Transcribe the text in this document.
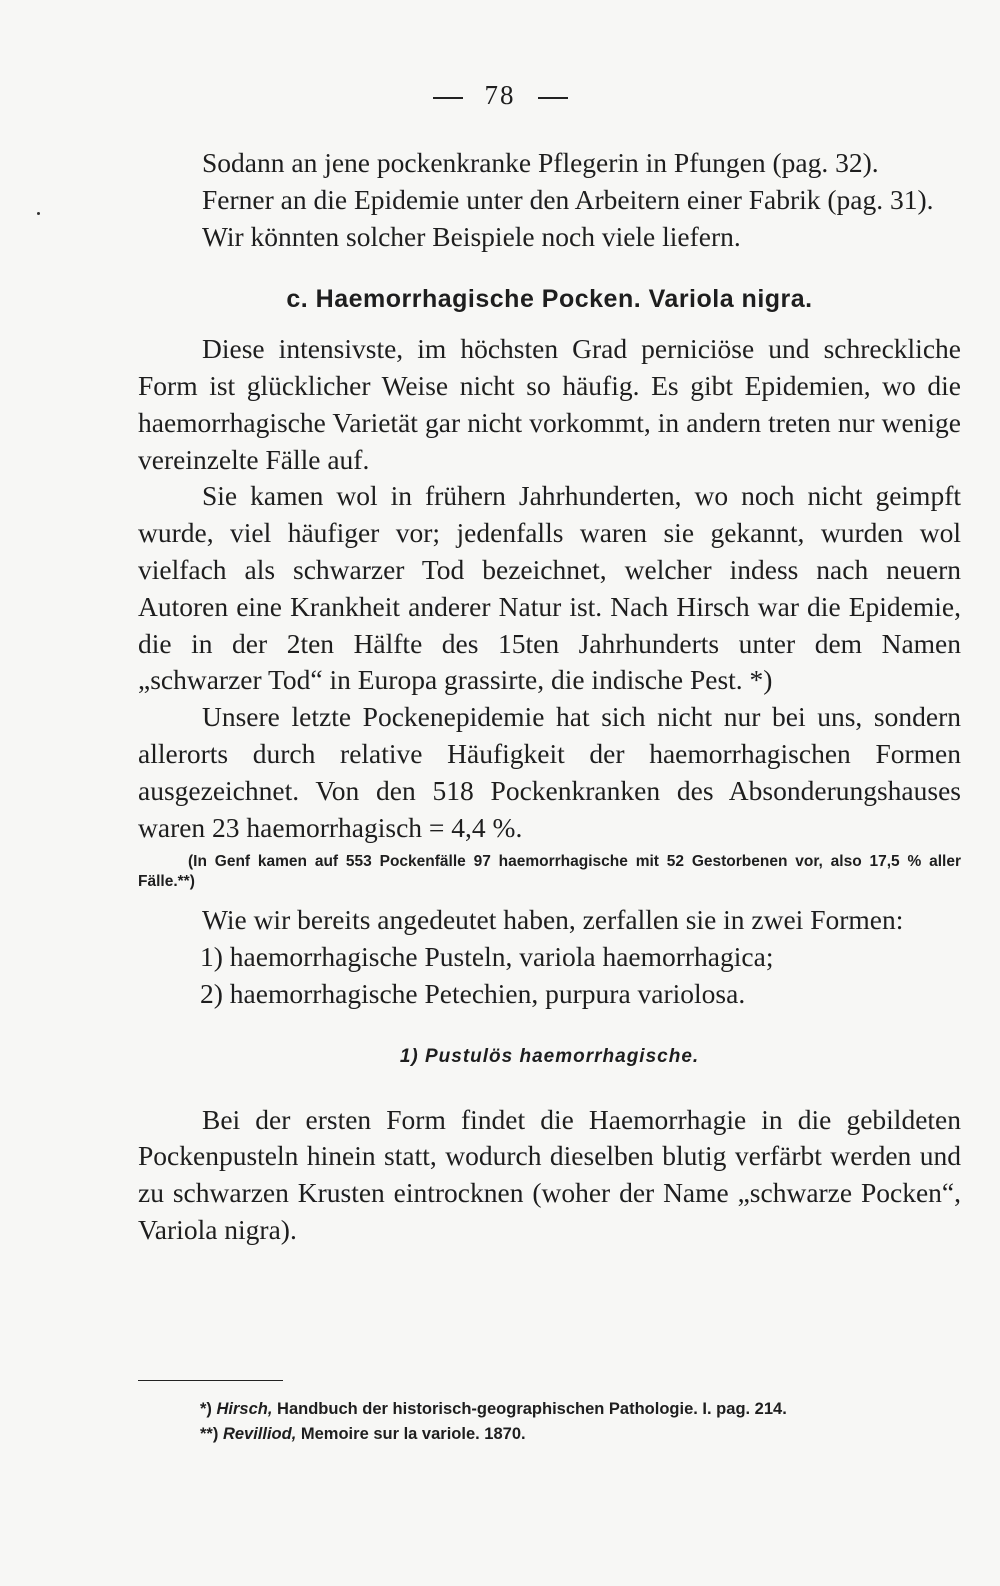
78

Sodann an jene pockenkranke Pflegerin in Pfungen (pag. 32).

Ferner an die Epidemie unter den Arbeitern einer Fabrik (pag. 31).

Wir könnten solcher Beispiele noch viele liefern.

c. Haemorrhagische Pocken. Variola nigra.

Diese intensivste, im höchsten Grad perniciöse und schreckliche Form ist glücklicher Weise nicht so häufig. Es gibt Epidemien, wo die haemorrhagische Varietät gar nicht vorkommt, in andern treten nur wenige vereinzelte Fälle auf.

Sie kamen wol in frühern Jahrhunderten, wo noch nicht geimpft wurde, viel häufiger vor; jedenfalls waren sie gekannt, wurden wol vielfach als schwarzer Tod bezeichnet, welcher indess nach neuern Autoren eine Krankheit anderer Natur ist. Nach Hirsch war die Epidemie, die in der 2ten Hälfte des 15ten Jahrhunderts unter dem Namen „schwarzer Tod“ in Europa grassirte, die indische Pest. *)

Unsere letzte Pockenepidemie hat sich nicht nur bei uns, sondern allerorts durch relative Häufigkeit der haemorrhagischen Formen ausgezeichnet. Von den 518 Pockenkranken des Absonderungshauses waren 23 haemorrhagisch = 4,4 %.

(In Genf kamen auf 553 Pockenfälle 97 haemorrhagische mit 52 Gestorbenen vor, also 17,5 % aller Fälle.**)

Wie wir bereits angedeutet haben, zerfallen sie in zwei Formen:

1) haemorrhagische Pusteln, variola haemorrhagica;

2) haemorrhagische Petechien, purpura variolosa.

1) Pustulös haemorrhagische.

Bei der ersten Form findet die Haemorrhagie in die gebildeten Pockenpusteln hinein statt, wodurch dieselben blutig verfärbt werden und zu schwarzen Krusten eintrocknen (woher der Name „schwarze Pocken“, Variola nigra).

*) Hirsch, Handbuch der historisch-geographischen Pathologie. I. pag. 214.

**) Revilliod, Memoire sur la variole. 1870.
